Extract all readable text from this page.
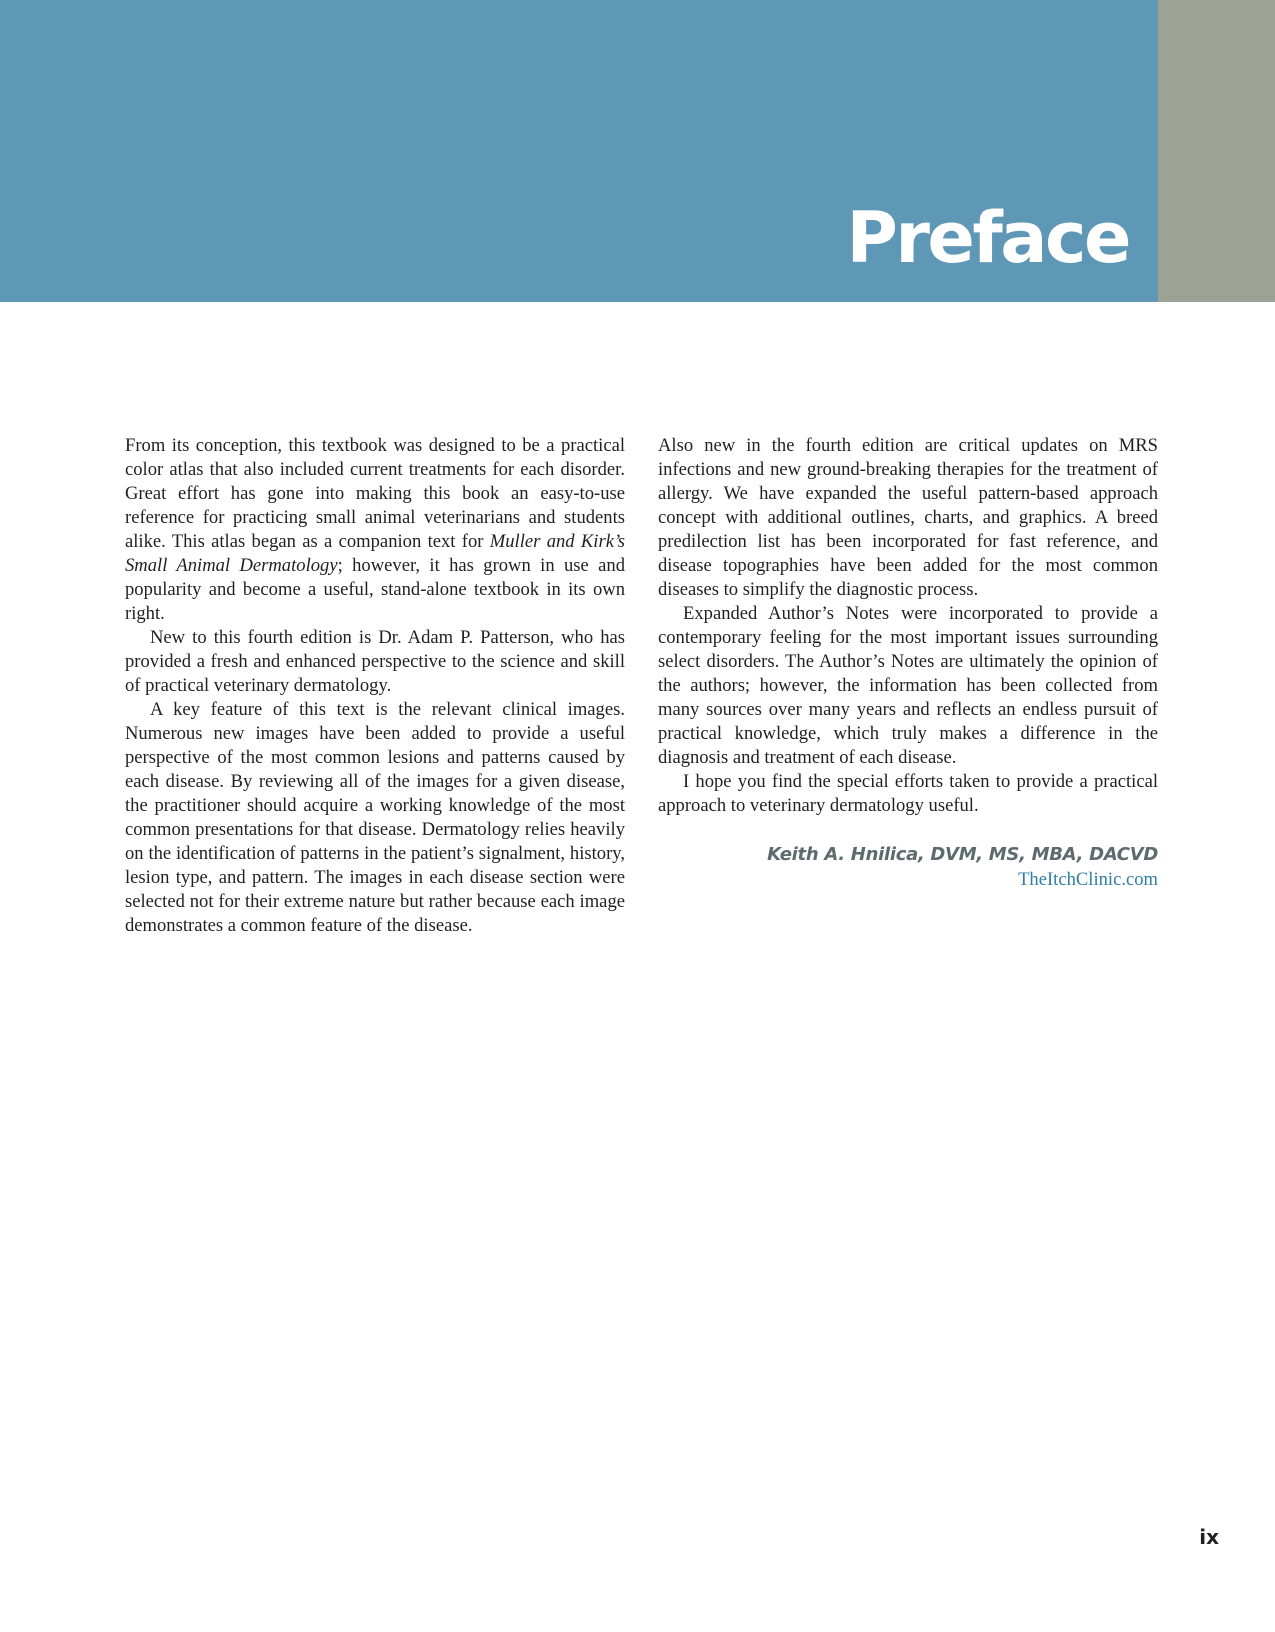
Preface

From its conception, this textbook was designed to be a practical color atlas that also included current treatments for each disorder. Great effort has gone into making this book an easy-to-use reference for practicing small animal veterinarians and students alike. This atlas began as a companion text for Muller and Kirk’s Small Animal Dermatology; however, it has grown in use and popularity and become a useful, stand-alone textbook in its own right.

New to this fourth edition is Dr. Adam P. Patterson, who has provided a fresh and enhanced perspective to the science and skill of practical veterinary dermatology.

A key feature of this text is the relevant clinical images. Numerous new images have been added to provide a useful perspective of the most common lesions and patterns caused by each disease. By reviewing all of the images for a given disease, the practitioner should acquire a working knowledge of the most common presentations for that disease. Dermatology relies heavily on the identification of patterns in the patient’s signalment, history, lesion type, and pattern. The images in each disease section were selected not for their extreme nature but rather because each image demonstrates a common feature of the disease.

Also new in the fourth edition are critical updates on MRS infections and new ground-breaking therapies for the treatment of allergy. We have expanded the useful pattern-based approach concept with additional outlines, charts, and graphics. A breed predilection list has been incorporated for fast reference, and disease topographies have been added for the most common diseases to simplify the diagnostic process.

Expanded Author’s Notes were incorporated to provide a contemporary feeling for the most important issues surrounding select disorders. The Author’s Notes are ultimately the opinion of the authors; however, the information has been collected from many sources over many years and reflects an endless pursuit of practical knowledge, which truly makes a difference in the diagnosis and treatment of each disease.

I hope you find the special efforts taken to provide a practical approach to veterinary dermatology useful.

Keith A. Hnilica, DVM, MS, MBA, DACVD
TheItchClinic.com
ix
